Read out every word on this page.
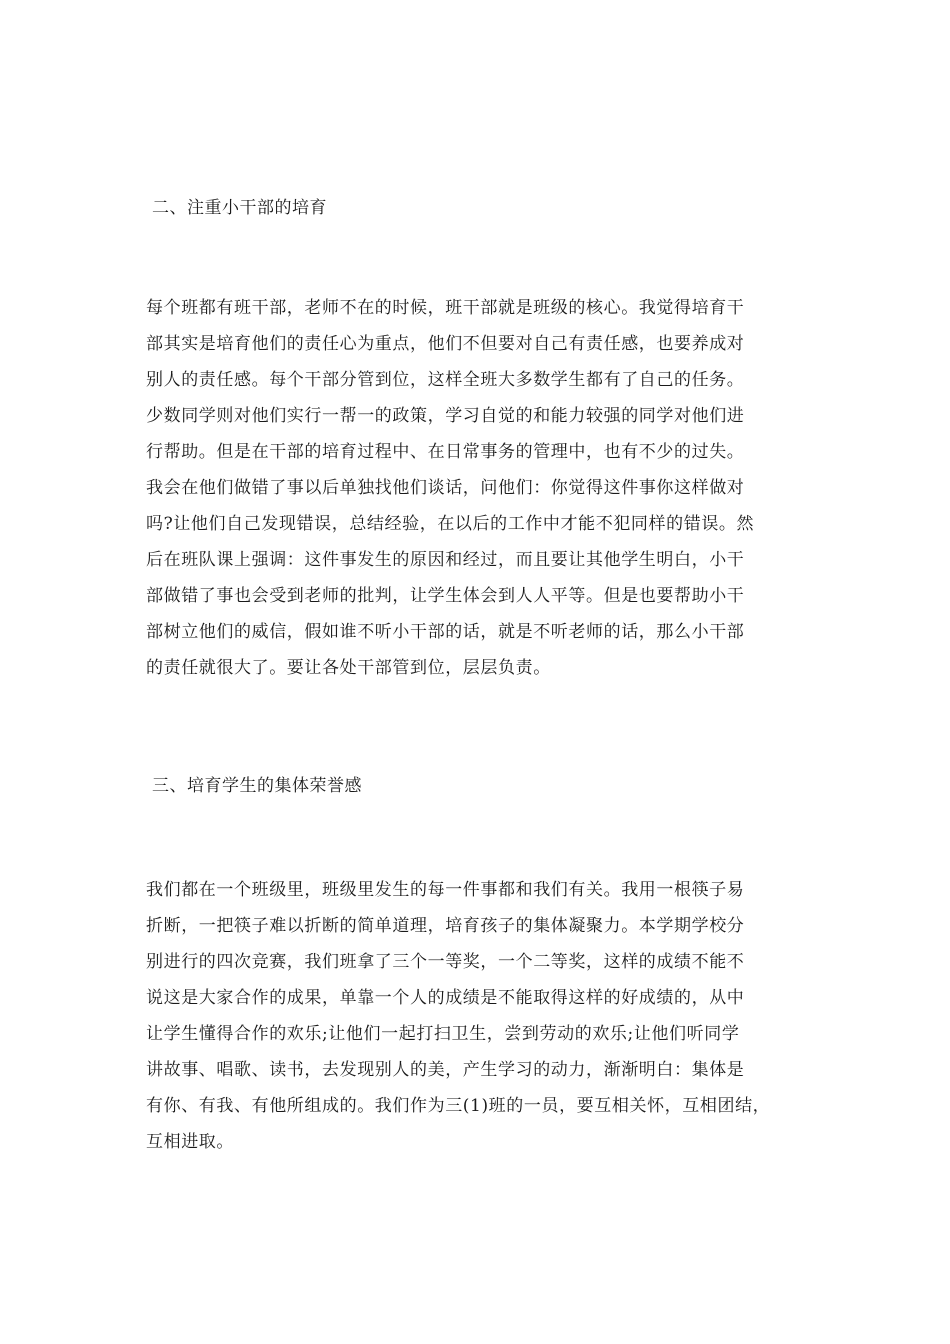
二、注重小干部的培育
每个班都有班干部，老师不在的时候，班干部就是班级的核心。我觉得培育干
部其实是培育他们的责任心为重点，他们不但要对自己有责任感，也要养成对
别人的责任感。每个干部分管到位，这样全班大多数学生都有了自己的任务。
少数同学则对他们实行一帮一的政策，学习自觉的和能力较强的同学对他们进
行帮助。但是在干部的培育过程中、在日常事务的管理中，也有不少的过失。
我会在他们做错了事以后单独找他们谈话，问他们：你觉得这件事你这样做对
吗?让他们自己发现错误，总结经验，在以后的工作中才能不犯同样的错误。然
后在班队课上强调：这件事发生的原因和经过，而且要让其他学生明白，小干
部做错了事也会受到老师的批判，让学生体会到人人平等。但是也要帮助小干
部树立他们的威信，假如谁不听小干部的话，就是不听老师的话，那么小干部
的责任就很大了。要让各处干部管到位，层层负责。
三、培育学生的集体荣誉感
我们都在一个班级里，班级里发生的每一件事都和我们有关。我用一根筷子易
折断，一把筷子难以折断的简单道理，培育孩子的集体凝聚力。本学期学校分
别进行的四次竞赛，我们班拿了三个一等奖，一个二等奖，这样的成绩不能不
说这是大家合作的成果，单靠一个人的成绩是不能取得这样的好成绩的，从中
让学生懂得合作的欢乐;让他们一起打扫卫生，尝到劳动的欢乐;让他们听同学
讲故事、唱歌、读书，去发现别人的美，产生学习的动力，渐渐明白：集体是
有你、有我、有他所组成的。我们作为三(1)班的一员，要互相关怀，互相团结，
互相进取。
